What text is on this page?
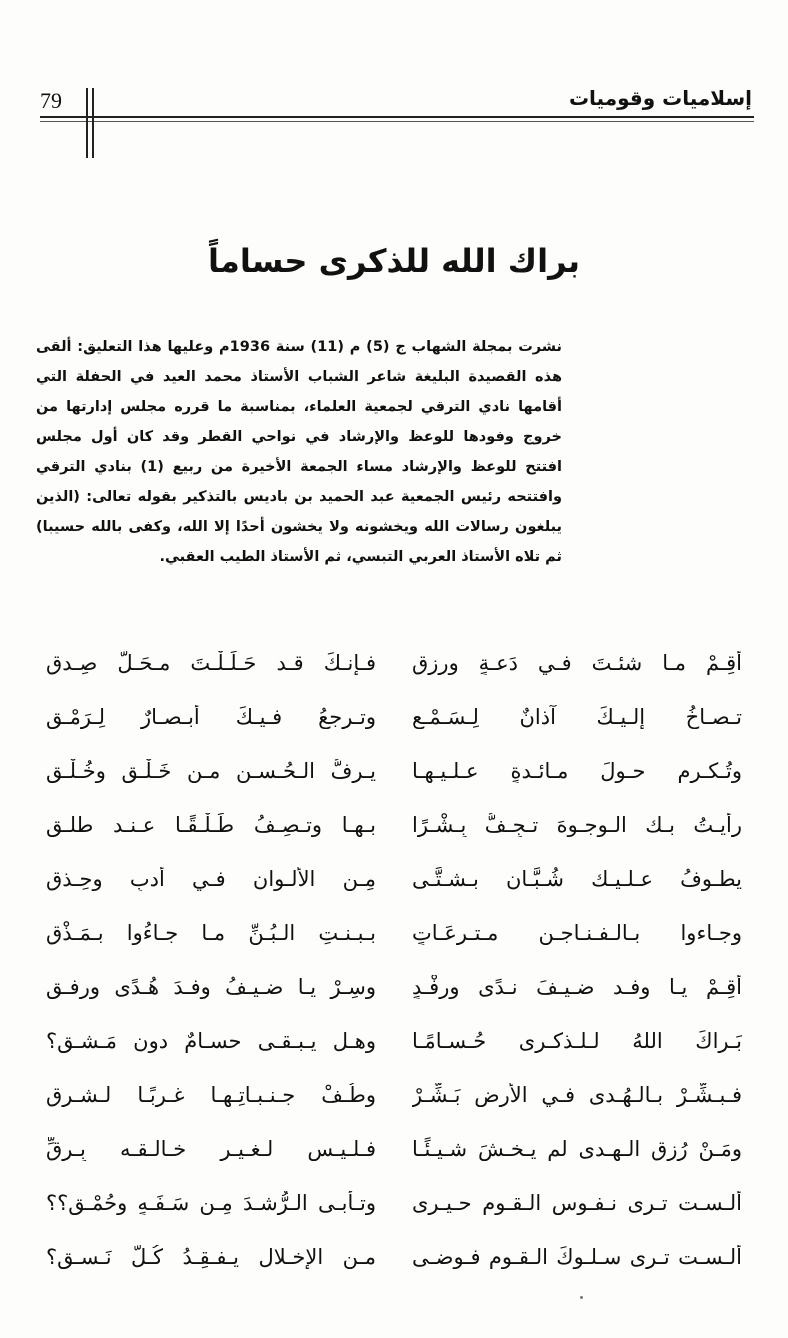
79	إسلاميات وقوميات
براك الله للذكرى حساماً
نشرت بمجلة الشهاب ج (5) م (11) سنة 1936م وعليها هذا التعليق: ألقى هذه القصيدة البليغة شاعر الشباب الأستاذ محمد العيد في الحفلة التي أقامها نادي الترقي لجمعية العلماء، بمناسبة ما قرره مجلس إدارتها من خروج وفودها للوعظ والإرشاد في نواحي القطر وقد كان أول مجلس افتتح للوعظ والإرشاد مساء الجمعة الأخيرة من ربيع (1) بنادي الترقي وافتتحه رئيس الجمعية عبد الحميد بن باديس بالتذكير بقوله تعالى: (الذين يبلغون رسالات الله ويخشونه ولا يخشون أحدًا إلا الله، وكفى بالله حسيبا) ثم تلاه الأستاذ العربي التبسي، ثم الأستاذ الطيب العقبي.
أقِـمْ مـا شئـتَ فـي دَعـةٍ ورزقٍ
فـإنـكَ قـد حَـلَـلْـتَ مـحَـلَّ صِـدقِ
تـصـاخُ إلـيـكَ آذانٌ لِـسَـمْـعٍ
وتـرجعُ فـيـكَ أبـصـارٌ لِـرَمْـقِ
وتُـكـرم حـولَ مـائـدةٍ عـلـيـهـا
يـرفُّ الـحُـسـن مـن خَـلْـقٍ وخُـلْـقِ
رأيـتُ بـك الـوجـوهَ تـجِـفُّ بِـشْـرًا
بـهـا وتـصِـفُ طَـلْـقًـا عـنـد طلـقِ
يطـوفُ عـلـيـك شُـبَّـان بـشـتَّـى
مِـن الألـوان فـي أدبٍ وحِـذقِ
وجـاءوا بـالـفـنـاجـن مـتـرعَـاتٍ
بـبـنـتِ الـبُـنِّ مـا جـاءُوا بـمَـذْقِ
أقِـمْ يـا وفـد ضـيـفَ نـدًى ورِفْـدٍ
وسِـرْ يـا ضـيـفُ وفـدَ هُـدًى ورفـقِ
بَـراكَ اللهُ لـلـذكـرى حُـسـامًـا
وهـل يـبـقـى حسـامٌ دون مَـشـقِ؟
فـبـشِّـرْ بـالـهُـدى فـي الأرض بَـشِّـرْ
وطُـفْ جـنـبـاتِـهـا غـربًـا لـشـرقِ
ومَـنْ رُزق الـهـدى لم يـخـشَ شـيـئًـا
فـلـيـس لـغـيـر خـالـقـه بِـرِقِّ
ألـسـت تـرى نـفـوس الـقـوم حـيـرى
وتـأبـى الـرُّشـدَ مِـن سَـفَـهٍ وحُمْـقِ؟؟
ألـسـت تـرى سـلـوكَ الـقـوم فـوضـى
مـن الإخـلال يـفـقِـدُ كُـلَّ نَـسـقِ؟
